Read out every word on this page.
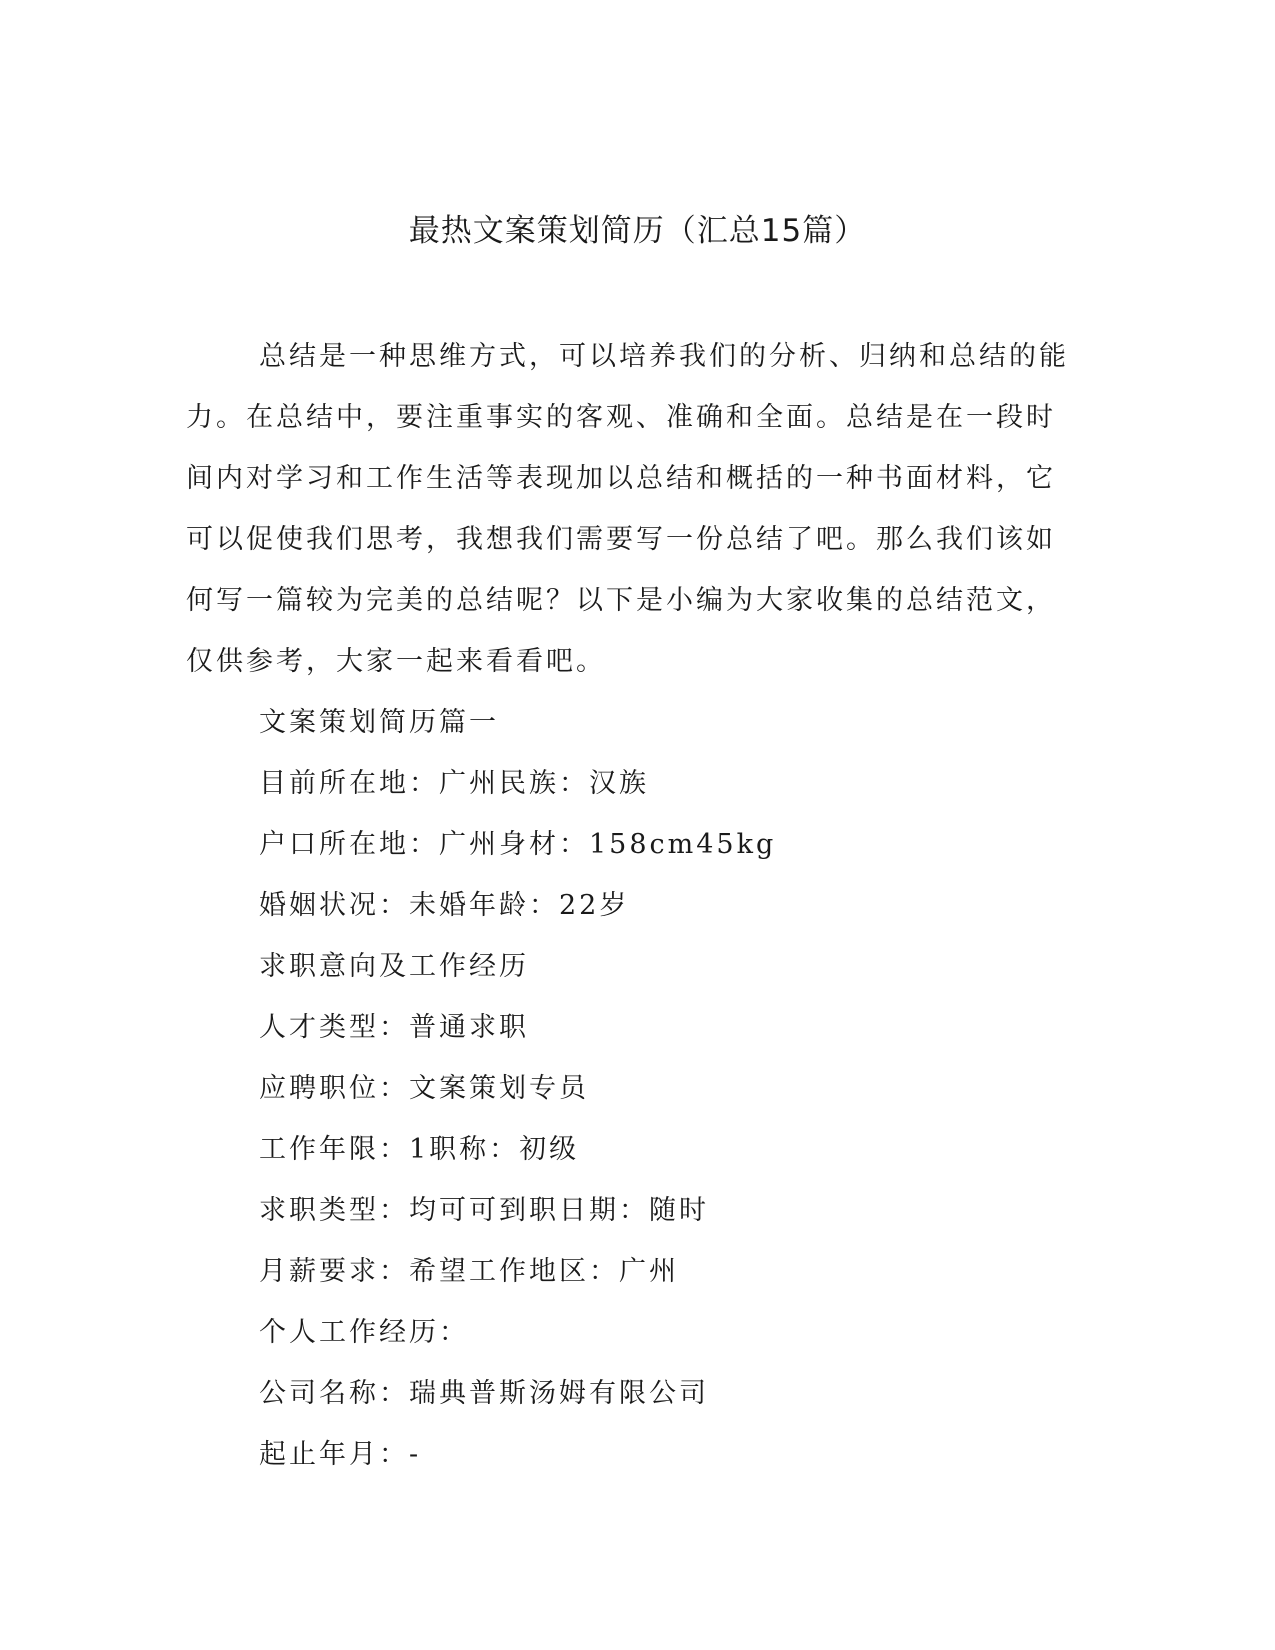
最热文案策划简历（汇总15篇）

总结是一种思维方式，可以培养我们的分析、归纳和总结的能力。在总结中，要注重事实的客观、准确和全面。总结是在一段时间内对学习和工作生活等表现加以总结和概括的一种书面材料，它可以促使我们思考，我想我们需要写一份总结了吧。那么我们该如何写一篇较为完美的总结呢？以下是小编为大家收集的总结范文，仅供参考，大家一起来看看吧。

文案策划简历篇一

目前所在地：广州民族：汉族

户口所在地：广州身材：158cm45kg

婚姻状况：未婚年龄：22岁

求职意向及工作经历

人才类型：普通求职

应聘职位：文案策划专员

工作年限：1职称：初级

求职类型：均可可到职日期：随时

月薪要求：希望工作地区：广州

个人工作经历：

公司名称：瑞典普斯汤姆有限公司

起止年月：-
